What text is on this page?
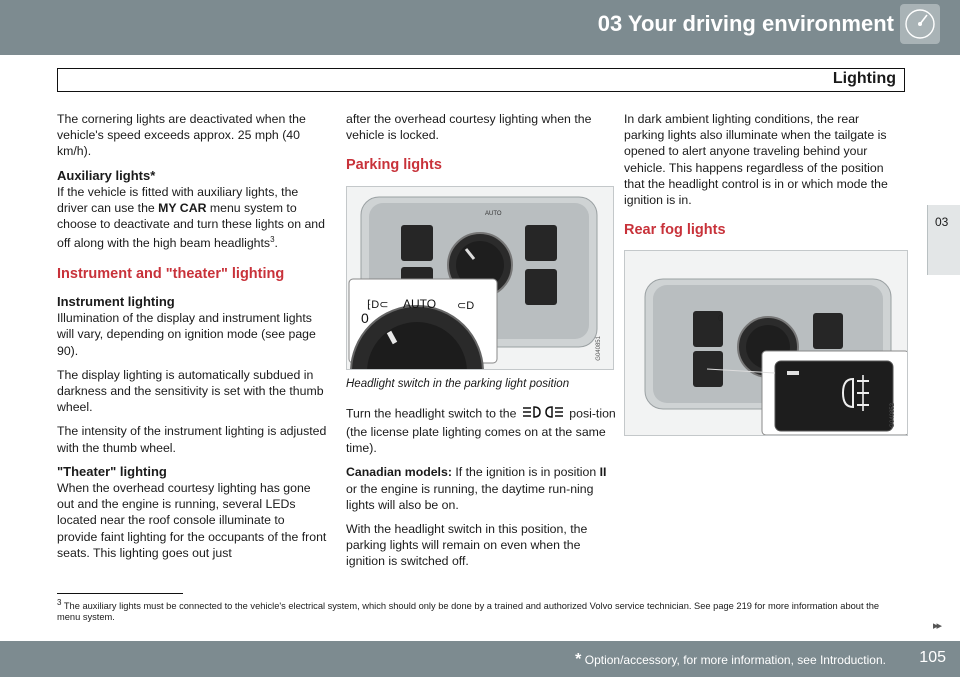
03 Your driving environment
Lighting
03

The cornering lights are deactivated when the vehicle's speed exceeds approx. 25 mph (40 km/h).

Auxiliary lights*

If the vehicle is fitted with auxiliary lights, the driver can use the MY CAR menu system to choose to deactivate and turn these lights on and off along with the high beam headlights$^3$.

Instrument and "theater" lighting
Instrument lighting

Illumination of the display and instrument lights will vary, depending on ignition mode (see page 90).

The display lighting is automatically subdued in darkness and the sensitivity is set with the thumb wheel.

The intensity of the instrument lighting is adjusted with the thumb wheel.

"Theater" lighting

When the overhead courtesy lighting has gone out and the engine is running, several LEDs located near the roof console illuminate to provide faint lighting for the occupants of the front seats. This lighting goes out just

after the overhead courtesy lighting when the vehicle is locked.

Parking lights
AUTO
0
AUTO
⁅D⊂	⊂D
G040851
Headlight switch in the parking light position

Turn the headlight switch to the	posi-tion (the license plate lighting comes on at the same time).

Canadian models: If the ignition is in position II or the engine is running, the daytime run-ning lights will also be on.

With the headlight switch in this position, the parking lights will remain on even when the ignition is switched off.

In dark ambient lighting conditions, the rear parking lights also illuminate when the tailgate is opened to alert anyone traveling behind your vehicle. This happens regardless of the position that the headlight control is in or which mode the ignition is in.

Rear fog lights
0
G040852
$^3$ The auxiliary lights must be connected to the vehicle's electrical system, which should only be done by a trained and authorized Volvo service technician. See page 219 for more information about the menu system.
▸▸
* Option/accessory, for more information, see Introduction. 105
